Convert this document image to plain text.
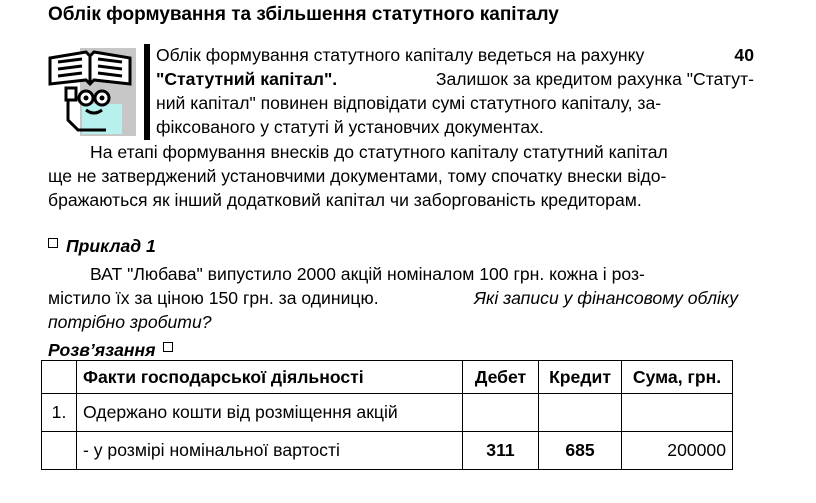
Облік формування та збільшення статутного капіталу
Облік формування статутного капіталу ведеться на рахунку	40
"Статутний капітал".	Залишок за кредитом рахунка "Статут-
ний капітал" повинен відповідати сумі статутного капіталу, за-
фіксованого у статуті й установчих документах.
На етапі формування внесків до статутного капіталу статутний капітал
ще не затверджений установчими документами, тому спочатку внески відо-
бражаються як інший додатковий капітал чи заборгованість кредиторам.
Приклад 1
ВАТ "Любава" випустило 2000 акцій номіналом 100 грн. кожна і роз-
містило їх за ціною 150 грн. за одиницю.	Які записи у фінансовому обліку
потрібно зробити?
Розв’язання
	Факти господарської діяльності	Дебет	Кредит	Сума, грн.
1.	Одержано кошти від розміщення акцій			
	- у розмірі номінальної вартості	311	685	200000
